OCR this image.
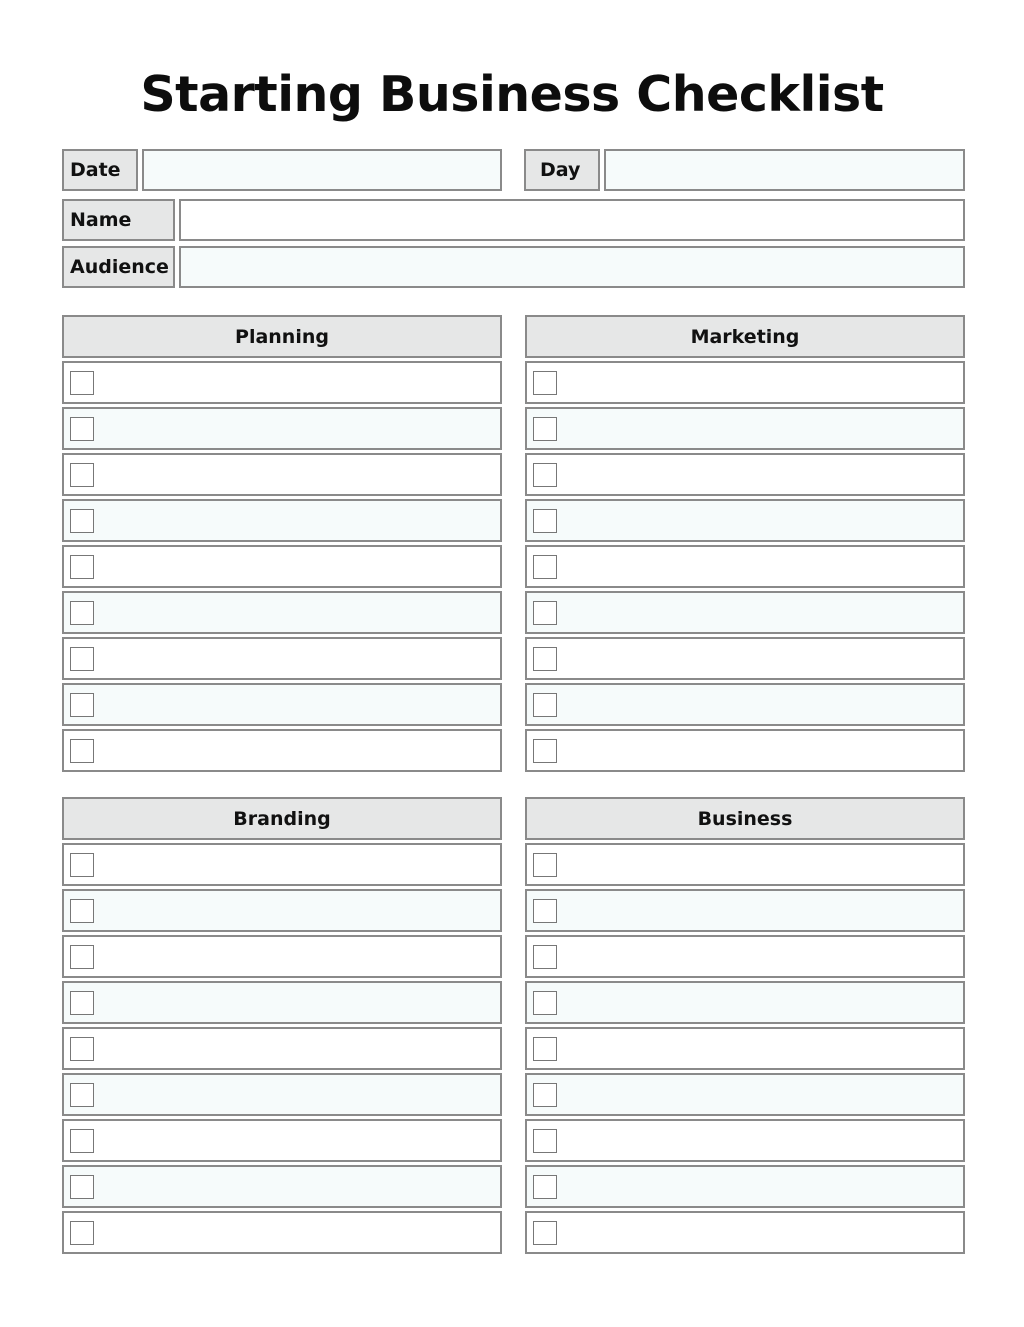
Starting Business Checklist
Date	Day
Name
Audience
Planning	Marketing
Branding	Business
